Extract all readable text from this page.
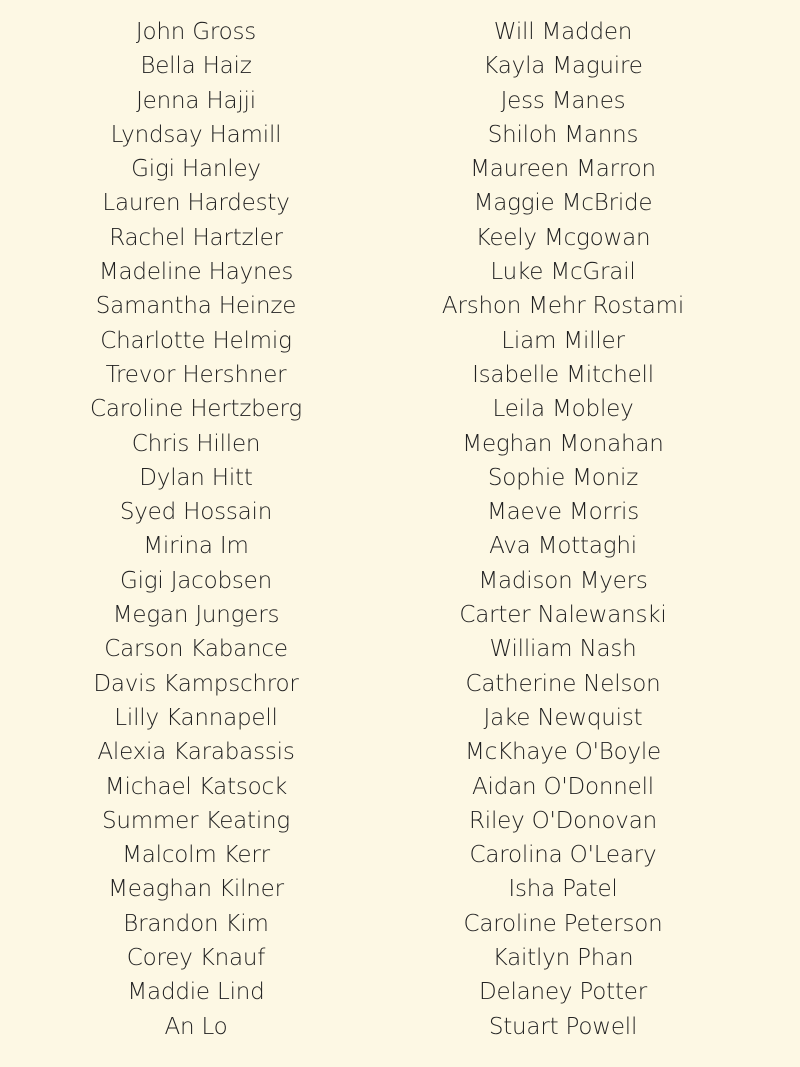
John Gross
Bella Haiz
Jenna Hajji
Lyndsay Hamill
Gigi Hanley
Lauren Hardesty
Rachel Hartzler
Madeline Haynes
Samantha Heinze
Charlotte Helmig
Trevor Hershner
Caroline Hertzberg
Chris Hillen
Dylan Hitt
Syed Hossain
Mirina Im
Gigi Jacobsen
Megan Jungers
Carson Kabance
Davis Kampschror
Lilly Kannapell
Alexia Karabassis
Michael Katsock
Summer Keating
Malcolm Kerr
Meaghan Kilner
Brandon Kim
Corey Knauf
Maddie Lind
An Lo
Will Madden
Kayla Maguire
Jess Manes
Shiloh Manns
Maureen Marron
Maggie McBride
Keely Mcgowan
Luke McGrail
Arshon Mehr Rostami
Liam Miller
Isabelle Mitchell
Leila Mobley
Meghan Monahan
Sophie Moniz
Maeve Morris
Ava Mottaghi
Madison Myers
Carter Nalewanski
William Nash
Catherine Nelson
Jake Newquist
McKhaye O'Boyle
Aidan O'Donnell
Riley O'Donovan
Carolina O'Leary
Isha Patel
Caroline Peterson
Kaitlyn Phan
Delaney Potter
Stuart Powell
